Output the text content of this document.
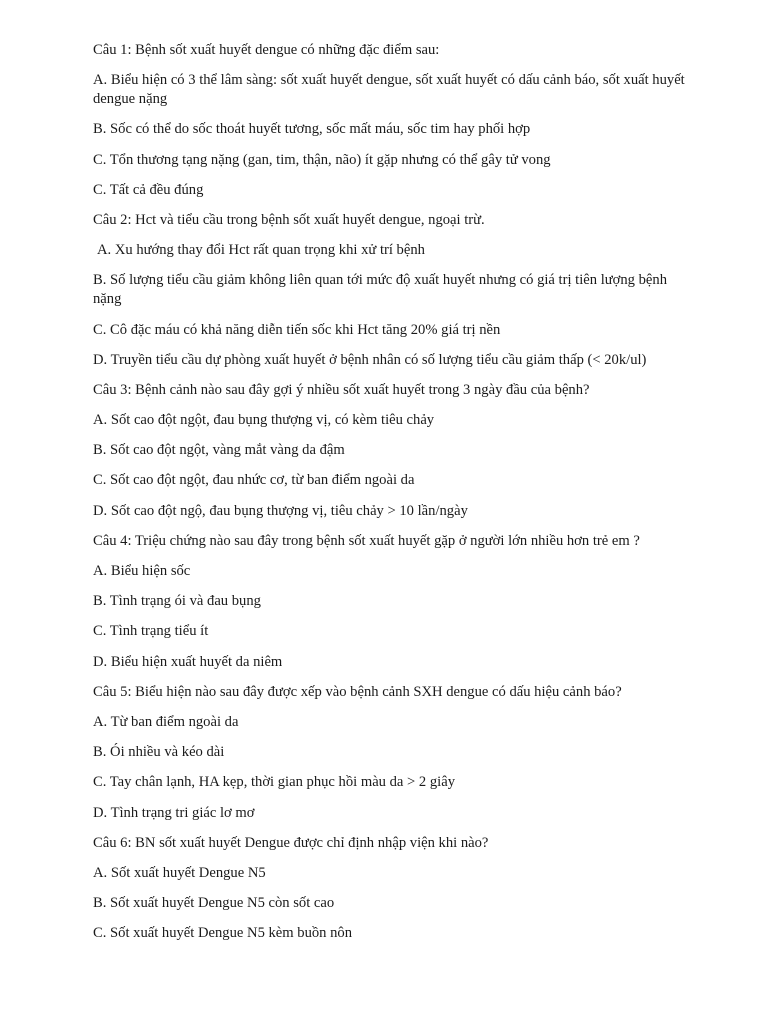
Câu 1: Bệnh sốt xuất huyết dengue có những đặc điểm sau:

A. Biểu hiện có 3 thể lâm sàng: sốt xuất huyết dengue, sốt xuất huyết có dấu cảnh báo, sốt xuất huyết dengue nặng

B. Sốc có thể do sốc thoát huyết tương, sốc mất máu, sốc tim hay phối hợp

C. Tổn thương tạng nặng (gan, tim, thận, não) ít gặp nhưng có thể gây tử vong

C. Tất cả đều đúng

Câu 2: Hct và tiểu cầu trong bệnh sốt xuất huyết dengue, ngoại trừ.

A. Xu hướng thay đổi Hct rất quan trọng khi xử trí bệnh

B. Số lượng tiểu cầu giảm không liên quan tới mức độ xuất huyết nhưng có giá trị tiên lượng bệnh nặng

C. Cô đặc máu có khả năng diễn tiến sốc khi Hct tăng 20% giá trị nền

D. Truyền tiểu cầu dự phòng xuất huyết ở bệnh nhân có số lượng tiểu cầu giảm thấp (< 20k/ul)

Câu 3: Bệnh cảnh nào sau đây gợi ý nhiều sốt xuất huyết trong 3 ngày đầu của bệnh?

A. Sốt cao đột ngột, đau bụng thượng vị, có kèm tiêu chảy

B. Sốt cao đột ngột, vàng mắt vàng da đậm

C. Sốt cao đột ngột, đau nhức cơ, từ ban điểm ngoài da

D. Sốt cao đột ngộ, đau bụng thượng vị, tiêu chảy > 10 lần/ngày

Câu 4: Triệu chứng nào sau đây trong bệnh sốt xuất huyết gặp ở người lớn nhiều hơn trẻ em ?

A. Biểu hiện sốc

B. Tình trạng ói và đau bụng

C. Tình trạng tiểu ít

D. Biểu hiện xuất huyết da niêm

Câu 5: Biểu hiện nào sau đây được xếp vào bệnh cảnh SXH dengue có dấu hiệu cảnh báo?

A. Từ ban điểm ngoài da

B. Ói nhiều và kéo dài

C. Tay chân lạnh, HA kẹp, thời gian phục hồi màu da > 2 giây

D. Tình trạng tri giác lơ mơ

Câu 6: BN sốt xuất huyết Dengue được chỉ định nhập viện khi nào?

A. Sốt xuất huyết Dengue N5

B. Sốt xuất huyết Dengue N5 còn sốt cao

C. Sốt xuất huyết Dengue N5 kèm buồn nôn
